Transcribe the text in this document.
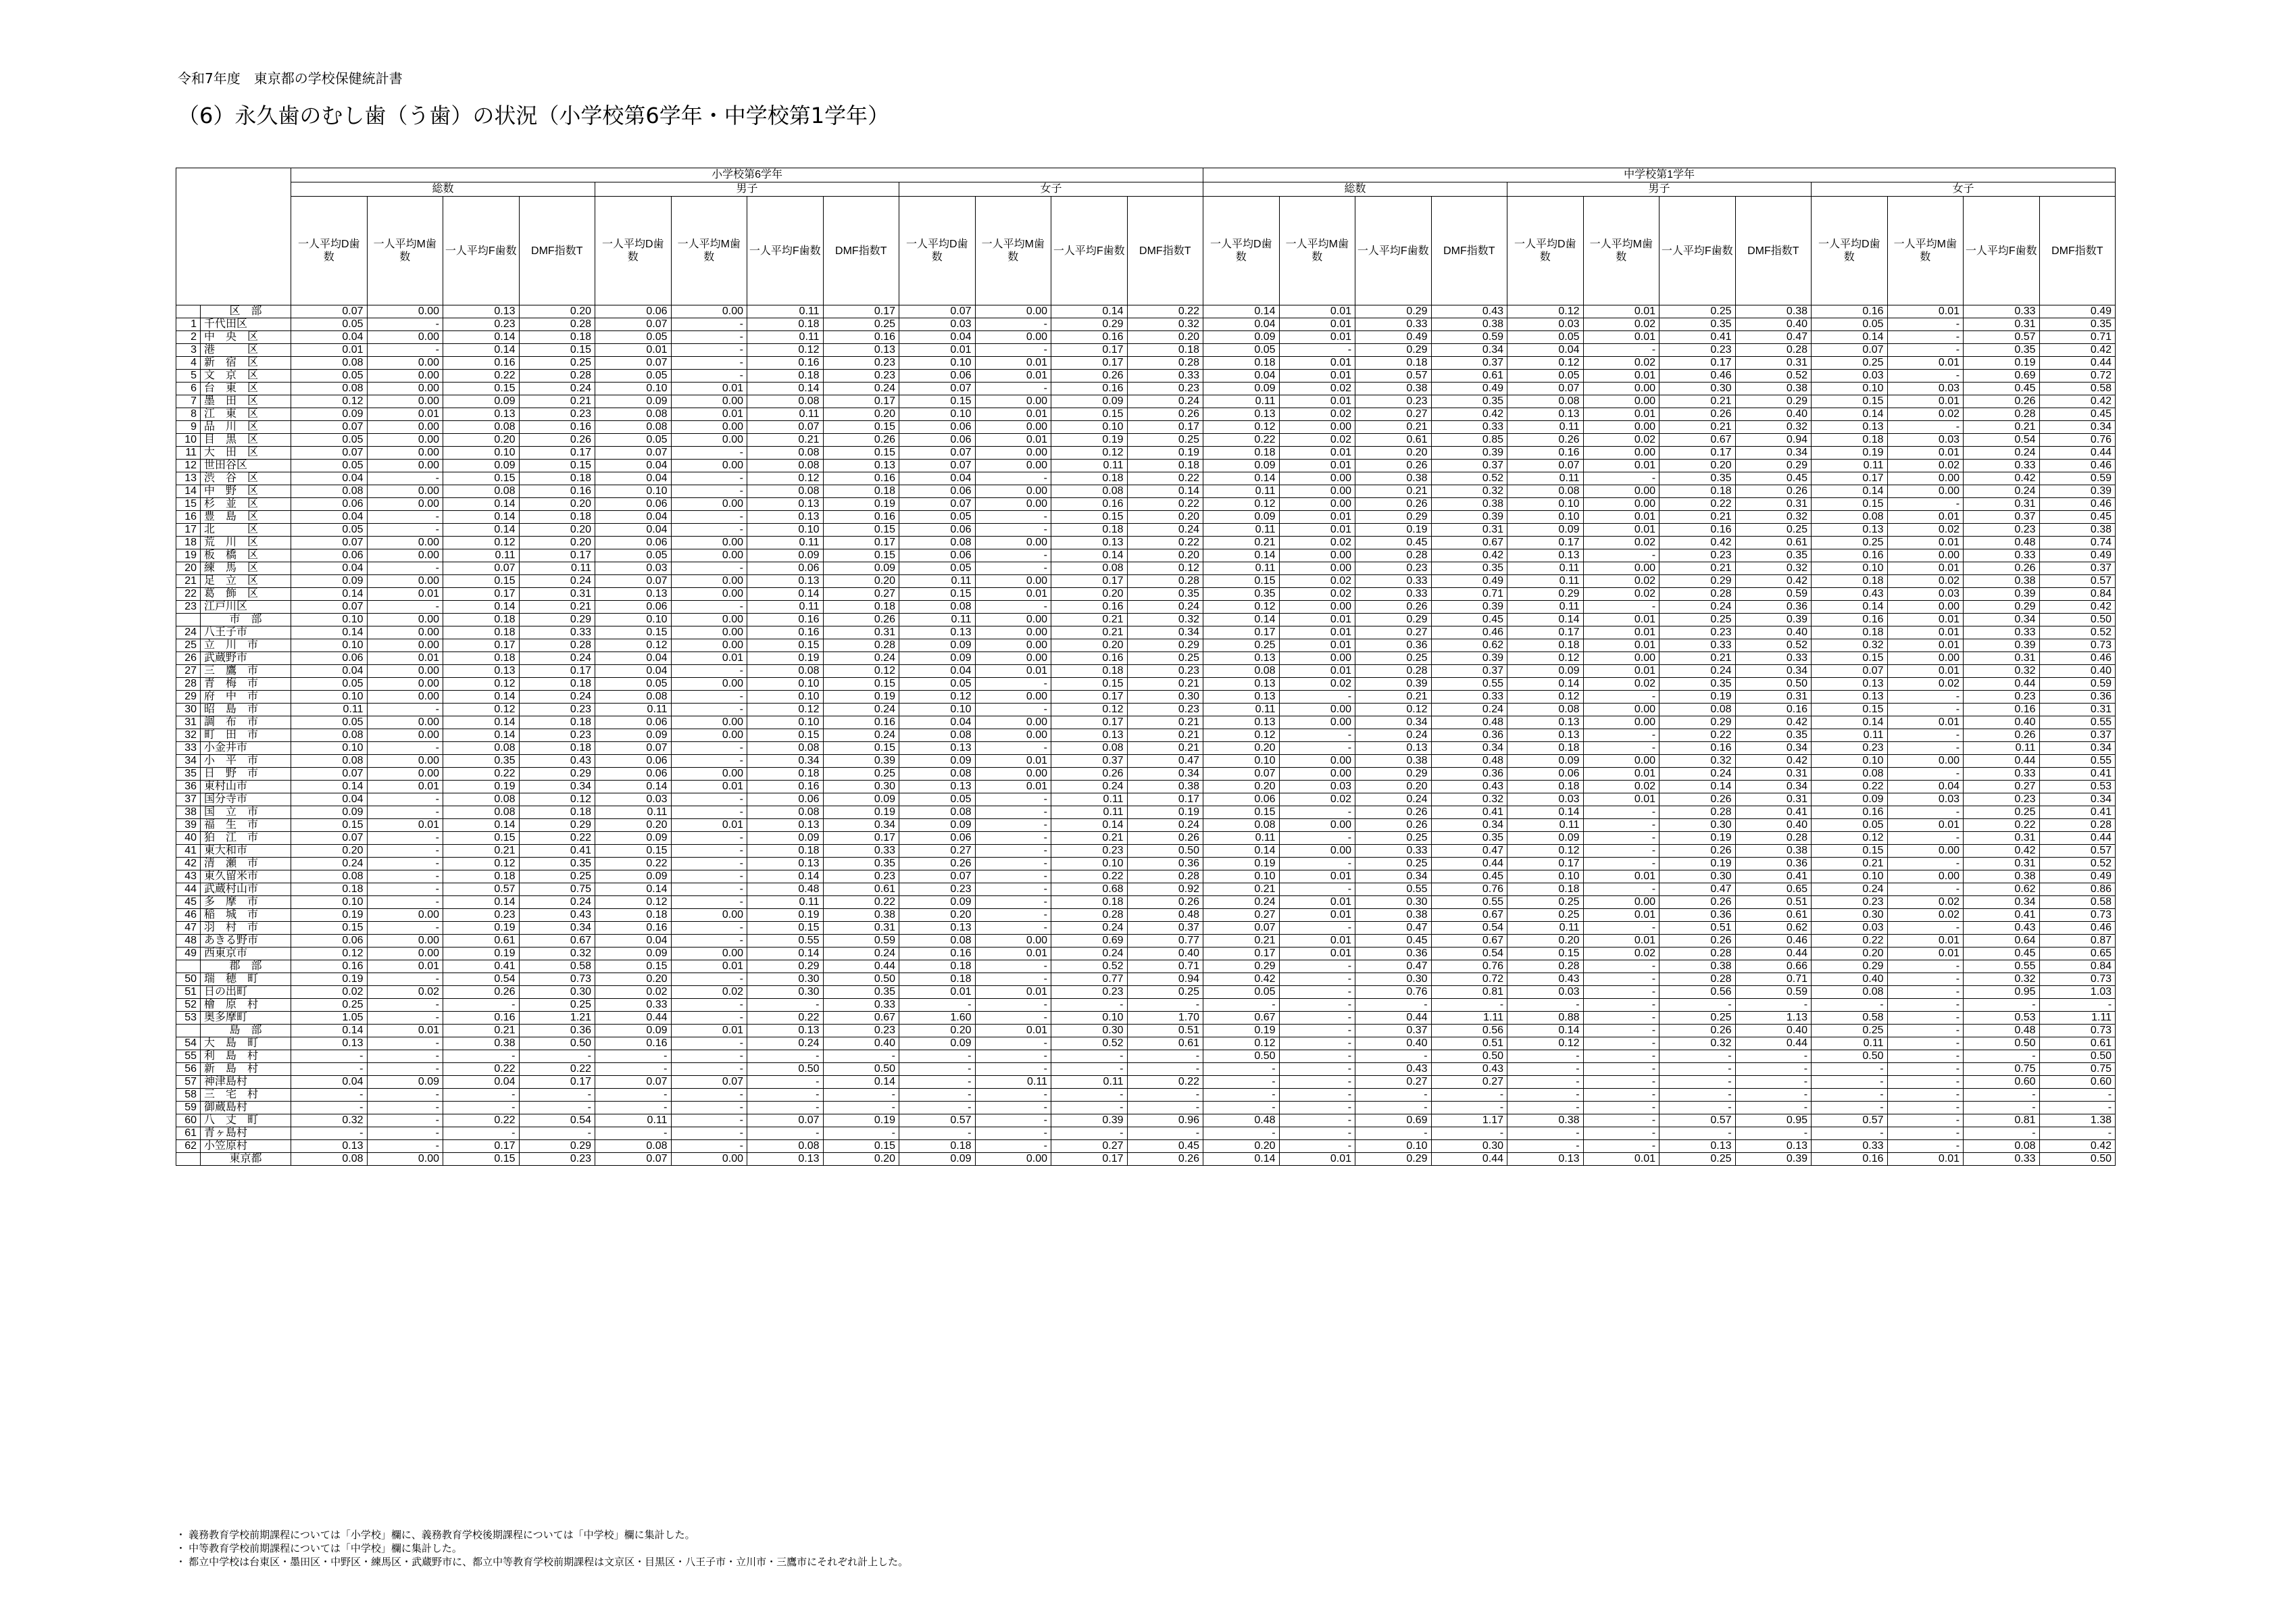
令和7年度　東京都の学校保健統計書
（6）永久歯のむし歯（う歯）の状況（小学校第6学年・中学校第1学年）
		小学校第6学年												中学校第1学年											
		総数				男子				女子				総数				男子				女子			
		一人平均D歯数	一人平均M歯数	一人平均F歯数	DMF指数T	一人平均D歯数	一人平均M歯数	一人平均F歯数	DMF指数T	一人平均D歯数	一人平均M歯数	一人平均F歯数	DMF指数T	一人平均D歯数	一人平均M歯数	一人平均F歯数	DMF指数T	一人平均D歯数	一人平均M歯数	一人平均F歯数	DMF指数T	一人平均D歯数	一人平均M歯数	一人平均F歯数	DMF指数T
	区　部	0.07	0.00	0.13	0.20	0.06	0.00	0.11	0.17	0.07	0.00	0.14	0.22	0.14	0.01	0.29	0.43	0.12	0.01	0.25	0.38	0.16	0.01	0.33	0.49
1	千代田区	0.05	-	0.23	0.28	0.07	-	0.18	0.25	0.03	-	0.29	0.32	0.04	0.01	0.33	0.38	0.03	0.02	0.35	0.40	0.05	-	0.31	0.35
2	中　央　区	0.04	0.00	0.14	0.18	0.05	-	0.11	0.16	0.04	0.00	0.16	0.20	0.09	0.01	0.49	0.59	0.05	0.01	0.41	0.47	0.14	-	0.57	0.71
3	港　　　区	0.01	-	0.14	0.15	0.01	-	0.12	0.13	0.01	-	0.17	0.18	0.05	-	0.29	0.34	0.04	-	0.23	0.28	0.07	-	0.35	0.42
4	新　宿　区	0.08	0.00	0.16	0.25	0.07	-	0.16	0.23	0.10	0.01	0.17	0.28	0.18	0.01	0.18	0.37	0.12	0.02	0.17	0.31	0.25	0.01	0.19	0.44
5	文　京　区	0.05	0.00	0.22	0.28	0.05	-	0.18	0.23	0.06	0.01	0.26	0.33	0.04	0.01	0.57	0.61	0.05	0.01	0.46	0.52	0.03	-	0.69	0.72
6	台　東　区	0.08	0.00	0.15	0.24	0.10	0.01	0.14	0.24	0.07	-	0.16	0.23	0.09	0.02	0.38	0.49	0.07	0.00	0.30	0.38	0.10	0.03	0.45	0.58
7	墨　田　区	0.12	0.00	0.09	0.21	0.09	0.00	0.08	0.17	0.15	0.00	0.09	0.24	0.11	0.01	0.23	0.35	0.08	0.00	0.21	0.29	0.15	0.01	0.26	0.42
8	江　東　区	0.09	0.01	0.13	0.23	0.08	0.01	0.11	0.20	0.10	0.01	0.15	0.26	0.13	0.02	0.27	0.42	0.13	0.01	0.26	0.40	0.14	0.02	0.28	0.45
9	品　川　区	0.07	0.00	0.08	0.16	0.08	0.00	0.07	0.15	0.06	0.00	0.10	0.17	0.12	0.00	0.21	0.33	0.11	0.00	0.21	0.32	0.13	-	0.21	0.34
10	目　黒　区	0.05	0.00	0.20	0.26	0.05	0.00	0.21	0.26	0.06	0.01	0.19	0.25	0.22	0.02	0.61	0.85	0.26	0.02	0.67	0.94	0.18	0.03	0.54	0.76
11	大　田　区	0.07	0.00	0.10	0.17	0.07	-	0.08	0.15	0.07	0.00	0.12	0.19	0.18	0.01	0.20	0.39	0.16	0.00	0.17	0.34	0.19	0.01	0.24	0.44
12	世田谷区	0.05	0.00	0.09	0.15	0.04	0.00	0.08	0.13	0.07	0.00	0.11	0.18	0.09	0.01	0.26	0.37	0.07	0.01	0.20	0.29	0.11	0.02	0.33	0.46
13	渋　谷　区	0.04	-	0.15	0.18	0.04	-	0.12	0.16	0.04	-	0.18	0.22	0.14	0.00	0.38	0.52	0.11	-	0.35	0.45	0.17	0.00	0.42	0.59
14	中　野　区	0.08	0.00	0.08	0.16	0.10	-	0.08	0.18	0.06	0.00	0.08	0.14	0.11	0.00	0.21	0.32	0.08	0.00	0.18	0.26	0.14	0.00	0.24	0.39
15	杉　並　区	0.06	0.00	0.14	0.20	0.06	0.00	0.13	0.19	0.07	0.00	0.16	0.22	0.12	0.00	0.26	0.38	0.10	0.00	0.22	0.31	0.15	-	0.31	0.46
16	豊　島　区	0.04	-	0.14	0.18	0.04	-	0.13	0.16	0.05	-	0.15	0.20	0.09	0.01	0.29	0.39	0.10	0.01	0.21	0.32	0.08	0.01	0.37	0.45
17	北　　　区	0.05	-	0.14	0.20	0.04	-	0.10	0.15	0.06	-	0.18	0.24	0.11	0.01	0.19	0.31	0.09	0.01	0.16	0.25	0.13	0.02	0.23	0.38
18	荒　川　区	0.07	0.00	0.12	0.20	0.06	0.00	0.11	0.17	0.08	0.00	0.13	0.22	0.21	0.02	0.45	0.67	0.17	0.02	0.42	0.61	0.25	0.01	0.48	0.74
19	板　橋　区	0.06	0.00	0.11	0.17	0.05	0.00	0.09	0.15	0.06	-	0.14	0.20	0.14	0.00	0.28	0.42	0.13	-	0.23	0.35	0.16	0.00	0.33	0.49
20	練　馬　区	0.04	-	0.07	0.11	0.03	-	0.06	0.09	0.05	-	0.08	0.12	0.11	0.00	0.23	0.35	0.11	0.00	0.21	0.32	0.10	0.01	0.26	0.37
21	足　立　区	0.09	0.00	0.15	0.24	0.07	0.00	0.13	0.20	0.11	0.00	0.17	0.28	0.15	0.02	0.33	0.49	0.11	0.02	0.29	0.42	0.18	0.02	0.38	0.57
22	葛　飾　区	0.14	0.01	0.17	0.31	0.13	0.00	0.14	0.27	0.15	0.01	0.20	0.35	0.35	0.02	0.33	0.71	0.29	0.02	0.28	0.59	0.43	0.03	0.39	0.84
23	江戸川区	0.07	-	0.14	0.21	0.06	-	0.11	0.18	0.08	-	0.16	0.24	0.12	0.00	0.26	0.39	0.11	-	0.24	0.36	0.14	0.00	0.29	0.42
	市　部	0.10	0.00	0.18	0.29	0.10	0.00	0.16	0.26	0.11	0.00	0.21	0.32	0.14	0.01	0.29	0.45	0.14	0.01	0.25	0.39	0.16	0.01	0.34	0.50
24	八王子市	0.14	0.00	0.18	0.33	0.15	0.00	0.16	0.31	0.13	0.00	0.21	0.34	0.17	0.01	0.27	0.46	0.17	0.01	0.23	0.40	0.18	0.01	0.33	0.52
25	立　川　市	0.10	0.00	0.17	0.28	0.12	0.00	0.15	0.28	0.09	0.00	0.20	0.29	0.25	0.01	0.36	0.62	0.18	0.01	0.33	0.52	0.32	0.01	0.39	0.73
26	武蔵野市	0.06	0.01	0.18	0.24	0.04	0.01	0.19	0.24	0.09	0.00	0.16	0.25	0.13	0.00	0.25	0.39	0.12	0.00	0.21	0.33	0.15	0.00	0.31	0.46
27	三　鷹　市	0.04	0.00	0.13	0.17	0.04	-	0.08	0.12	0.04	0.01	0.18	0.23	0.08	0.01	0.28	0.37	0.09	0.01	0.24	0.34	0.07	0.01	0.32	0.40
28	青　梅　市	0.05	0.00	0.12	0.18	0.05	0.00	0.10	0.15	0.05	-	0.15	0.21	0.13	0.02	0.39	0.55	0.14	0.02	0.35	0.50	0.13	0.02	0.44	0.59
29	府　中　市	0.10	0.00	0.14	0.24	0.08	-	0.10	0.19	0.12	0.00	0.17	0.30	0.13	-	0.21	0.33	0.12	-	0.19	0.31	0.13	-	0.23	0.36
30	昭　島　市	0.11	-	0.12	0.23	0.11	-	0.12	0.24	0.10	-	0.12	0.23	0.11	0.00	0.12	0.24	0.08	0.00	0.08	0.16	0.15	-	0.16	0.31
31	調　布　市	0.05	0.00	0.14	0.18	0.06	0.00	0.10	0.16	0.04	0.00	0.17	0.21	0.13	0.00	0.34	0.48	0.13	0.00	0.29	0.42	0.14	0.01	0.40	0.55
32	町　田　市	0.08	0.00	0.14	0.23	0.09	0.00	0.15	0.24	0.08	0.00	0.13	0.21	0.12	-	0.24	0.36	0.13	-	0.22	0.35	0.11	-	0.26	0.37
33	小金井市	0.10	-	0.08	0.18	0.07	-	0.08	0.15	0.13	-	0.08	0.21	0.20	-	0.13	0.34	0.18	-	0.16	0.34	0.23	-	0.11	0.34
34	小　平　市	0.08	0.00	0.35	0.43	0.06	-	0.34	0.39	0.09	0.01	0.37	0.47	0.10	0.00	0.38	0.48	0.09	0.00	0.32	0.42	0.10	0.00	0.44	0.55
35	日　野　市	0.07	0.00	0.22	0.29	0.06	0.00	0.18	0.25	0.08	0.00	0.26	0.34	0.07	0.00	0.29	0.36	0.06	0.01	0.24	0.31	0.08	-	0.33	0.41
36	東村山市	0.14	0.01	0.19	0.34	0.14	0.01	0.16	0.30	0.13	0.01	0.24	0.38	0.20	0.03	0.20	0.43	0.18	0.02	0.14	0.34	0.22	0.04	0.27	0.53
37	国分寺市	0.04	-	0.08	0.12	0.03	-	0.06	0.09	0.05	-	0.11	0.17	0.06	0.02	0.24	0.32	0.03	0.01	0.26	0.31	0.09	0.03	0.23	0.34
38	国　立　市	0.09	-	0.08	0.18	0.11	-	0.08	0.19	0.08	-	0.11	0.19	0.15	-	0.26	0.41	0.14	-	0.28	0.41	0.16	-	0.25	0.41
39	福　生　市	0.15	0.01	0.14	0.29	0.20	0.01	0.13	0.34	0.09	-	0.14	0.24	0.08	0.00	0.26	0.34	0.11	-	0.30	0.40	0.05	0.01	0.22	0.28
40	狛　江　市	0.07	-	0.15	0.22	0.09	-	0.09	0.17	0.06	-	0.21	0.26	0.11	-	0.25	0.35	0.09	-	0.19	0.28	0.12	-	0.31	0.44
41	東大和市	0.20	-	0.21	0.41	0.15	-	0.18	0.33	0.27	-	0.23	0.50	0.14	0.00	0.33	0.47	0.12	-	0.26	0.38	0.15	0.00	0.42	0.57
42	清　瀬　市	0.24	-	0.12	0.35	0.22	-	0.13	0.35	0.26	-	0.10	0.36	0.19	-	0.25	0.44	0.17	-	0.19	0.36	0.21	-	0.31	0.52
43	東久留米市	0.08	-	0.18	0.25	0.09	-	0.14	0.23	0.07	-	0.22	0.28	0.10	0.01	0.34	0.45	0.10	0.01	0.30	0.41	0.10	0.00	0.38	0.49
44	武蔵村山市	0.18	-	0.57	0.75	0.14	-	0.48	0.61	0.23	-	0.68	0.92	0.21	-	0.55	0.76	0.18	-	0.47	0.65	0.24	-	0.62	0.86
45	多　摩　市	0.10	-	0.14	0.24	0.12	-	0.11	0.22	0.09	-	0.18	0.26	0.24	0.01	0.30	0.55	0.25	0.00	0.26	0.51	0.23	0.02	0.34	0.58
46	稲　城　市	0.19	0.00	0.23	0.43	0.18	0.00	0.19	0.38	0.20	-	0.28	0.48	0.27	0.01	0.38	0.67	0.25	0.01	0.36	0.61	0.30	0.02	0.41	0.73
47	羽　村　市	0.15	-	0.19	0.34	0.16	-	0.15	0.31	0.13	-	0.24	0.37	0.07	-	0.47	0.54	0.11	-	0.51	0.62	0.03	-	0.43	0.46
48	あきる野市	0.06	0.00	0.61	0.67	0.04	-	0.55	0.59	0.08	0.00	0.69	0.77	0.21	0.01	0.45	0.67	0.20	0.01	0.26	0.46	0.22	0.01	0.64	0.87
49	西東京市	0.12	0.00	0.19	0.32	0.09	0.00	0.14	0.24	0.16	0.01	0.24	0.40	0.17	0.01	0.36	0.54	0.15	0.02	0.28	0.44	0.20	0.01	0.45	0.65
	郡　部	0.16	0.01	0.41	0.58	0.15	0.01	0.29	0.44	0.18	-	0.52	0.71	0.29	-	0.47	0.76	0.28	-	0.38	0.66	0.29	-	0.55	0.84
50	瑞　穂　町	0.19	-	0.54	0.73	0.20	-	0.30	0.50	0.18	-	0.77	0.94	0.42	-	0.30	0.72	0.43	-	0.28	0.71	0.40	-	0.32	0.73
51	日の出町	0.02	0.02	0.26	0.30	0.02	0.02	0.30	0.35	0.01	0.01	0.23	0.25	0.05	-	0.76	0.81	0.03	-	0.56	0.59	0.08	-	0.95	1.03
52	檜　原　村	0.25	-	-	0.25	0.33	-	-	0.33	-	-	-	-	-	-	-	-	-	-	-	-	-	-	-	-
53	奥多摩町	1.05	-	0.16	1.21	0.44	-	0.22	0.67	1.60	-	0.10	1.70	0.67	-	0.44	1.11	0.88	-	0.25	1.13	0.58	-	0.53	1.11
	島　部	0.14	0.01	0.21	0.36	0.09	0.01	0.13	0.23	0.20	0.01	0.30	0.51	0.19	-	0.37	0.56	0.14	-	0.26	0.40	0.25	-	0.48	0.73
54	大　島　町	0.13	-	0.38	0.50	0.16	-	0.24	0.40	0.09	-	0.52	0.61	0.12	-	0.40	0.51	0.12	-	0.32	0.44	0.11	-	0.50	0.61
55	利　島　村	-	-	-	-	-	-	-	-	-	-	-	-	0.50	-	-	0.50	-	-	-	-	0.50	-	-	0.50
56	新　島　村	-	-	0.22	0.22	-	-	0.50	0.50	-	-	-	-	-	-	0.43	0.43	-	-	-	-	-	-	0.75	0.75
57	神津島村	0.04	0.09	0.04	0.17	0.07	0.07	-	0.14	-	0.11	0.11	0.22	-	-	0.27	0.27	-	-	-	-	-	-	0.60	0.60
58	三　宅　村	-	-	-	-	-	-	-	-	-	-	-	-	-	-	-	-	-	-	-	-	-	-	-	-
59	御蔵島村	-	-	-	-	-	-	-	-	-	-	-	-	-	-	-	-	-	-	-	-	-	-	-	-
60	八　丈　町	0.32	-	0.22	0.54	0.11	-	0.07	0.19	0.57	-	0.39	0.96	0.48	-	0.69	1.17	0.38	-	0.57	0.95	0.57	-	0.81	1.38
61	青ヶ島村	-	-	-	-	-	-	-	-	-	-	-	-	-	-	-	-	-	-	-	-	-	-	-	-
62	小笠原村	0.13	-	0.17	0.29	0.08	-	0.08	0.15	0.18	-	0.27	0.45	0.20	-	0.10	0.30	-	-	0.13	0.13	0.33	-	0.08	0.42
	東京都	0.08	0.00	0.15	0.23	0.07	0.00	0.13	0.20	0.09	0.00	0.17	0.26	0.14	0.01	0.29	0.44	0.13	0.01	0.25	0.39	0.16	0.01	0.33	0.50
・ 義務教育学校前期課程については「小学校」欄に、義務教育学校後期課程については「中学校」欄に集計した。
・ 中等教育学校前期課程については「中学校」欄に集計した。
・ 都立中学校は台東区・墨田区・中野区・練馬区・武蔵野市に、都立中等教育学校前期課程は文京区・目黒区・八王子市・立川市・三鷹市にそれぞれ計上した。
